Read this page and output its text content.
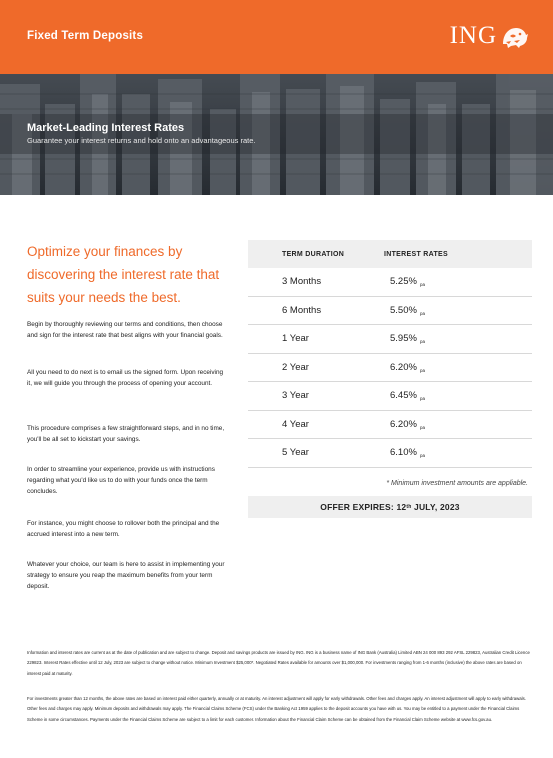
Fixed Term Deposits	ING
Market-Leading Interest Rates
Guarantee your interest returns and hold onto an advantageous rate.
Optimize your finances by discovering the interest rate that suits your needs the best.

Begin by thoroughly reviewing our terms and conditions, then choose and sign for the interest rate that best aligns with your financial goals.

All you need to do next is to email us the signed form. Upon receiving it, we will guide you through the process of opening your account.

This procedure comprises a few straightforward steps, and in no time, you'll be all set to kickstart your savings.

In order to streamline your experience, provide us with instructions regarding what you'd like us to do with your funds once the term concludes.

For instance, you might choose to rollover both the principal and the accrued interest into a new term.

Whatever your choice, our team is here to assist in implementing your strategy to ensure you reap the maximum benefits from your term deposit.

TERM DURATION	INTEREST RATES
3 Months	5.25% $_{pa}$
6 Months	5.50% $_{pa}$
1 Year	5.95% $_{pa}$
2 Year	6.20% $_{pa}$
3 Year	6.45% $_{pa}$
4 Year	6.20% $_{pa}$
5 Year	6.10% $_{pa}$
* Minimum investment amounts are appliable.
OFFER EXPIRES: 12 th JULY, 2023

Information and interest rates are current as at the date of publication and are subject to change. Deposit and savings products are issued by ING. ING is a business name of ING Bank (Australia) Limited ABN 24 000 893 292 AFSL 229823, Australian Credit Licence 229823. Interest Rates effective until 12 July, 2023 are subject to change without notice. Minimum Investment $25,000*. Negotiated Rates available for amounts over $1,000,000. For investments ranging from 1-6 months (inclusive) the above rates are based on interest paid at maturity.

For investments greater than 12 months, the above rates are based on interest paid either quarterly, annually or at maturity. An interest adjustment will apply for early withdrawals. Other fees and charges apply. An interest adjustment will apply to early withdrawals. Other fees and charges may apply. Minimum deposits and withdrawals may apply. The Financial Claims Scheme (FCS) under the Banking Act 1959 applies to the deposit accounts you have with us. You may be entitled to a payment under the Financial Claims Scheme in some circumstances. Payments under the Financial Claims Scheme are subject to a limit for each customer. Information about the Financial Claim Scheme can be obtained from the Financial Claim Scheme website at www.fcs.gov.au.
